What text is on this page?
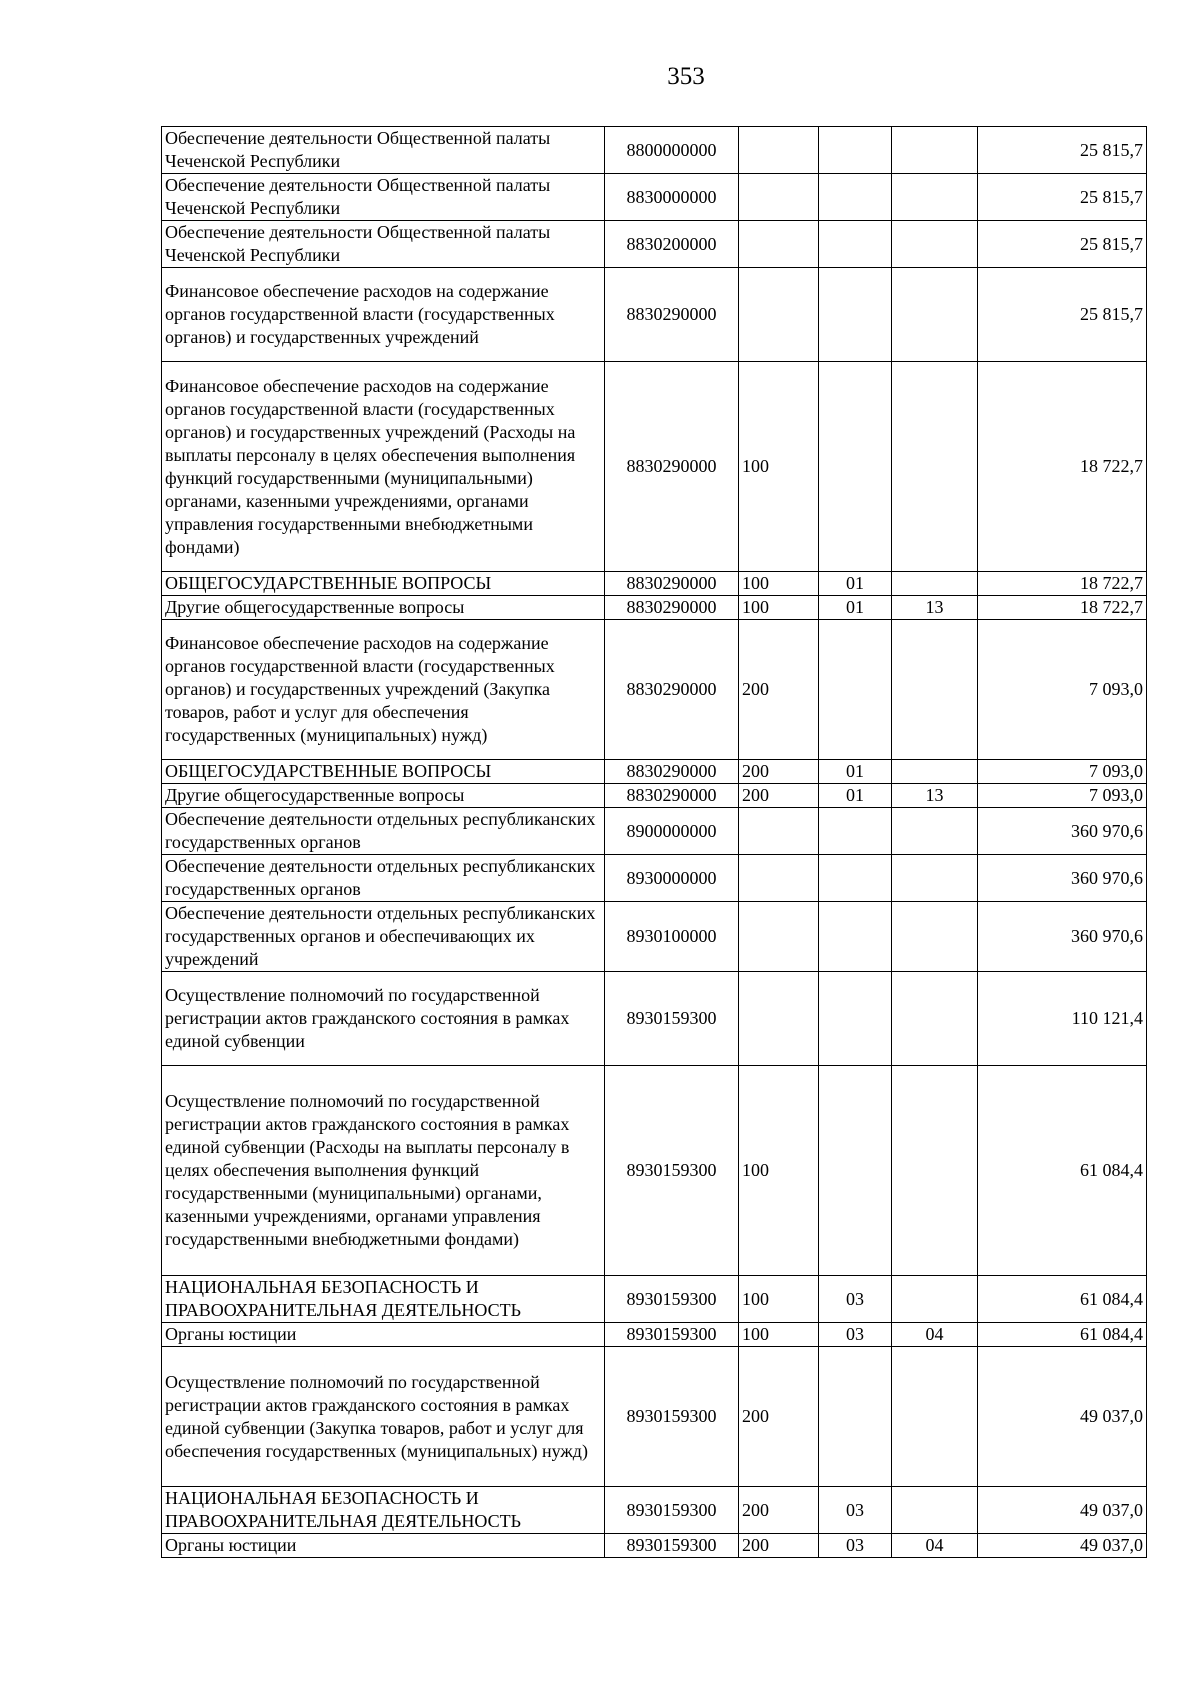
353
Обеспечение деятельности Общественной палаты Чеченской Республики	8800000000				25 815,7
Обеспечение деятельности Общественной палаты Чеченской Республики	8830000000				25 815,7
Обеспечение деятельности Общественной палаты Чеченской Республики	8830200000				25 815,7
Финансовое обеспечение расходов на содержание органов государственной власти (государственных органов) и государственных учреждений	8830290000				25 815,7
Финансовое обеспечение расходов на содержание органов государственной власти (государственных органов) и государственных учреждений (Расходы на выплаты персоналу в целях обеспечения выполнения функций государственными (муниципальными) органами, казенными учреждениями, органами управления государственными внебюджетными фондами)	8830290000	100			18 722,7
ОБЩЕГОСУДАРСТВЕННЫЕ ВОПРОСЫ	8830290000	100	01		18 722,7
Другие общегосударственные вопросы	8830290000	100	01	13	18 722,7
Финансовое обеспечение расходов на содержание органов государственной власти (государственных органов) и государственных учреждений (Закупка товаров, работ и услуг для обеспечения государственных (муниципальных) нужд)	8830290000	200			7 093,0
ОБЩЕГОСУДАРСТВЕННЫЕ ВОПРОСЫ	8830290000	200	01		7 093,0
Другие общегосударственные вопросы	8830290000	200	01	13	7 093,0
Обеспечение деятельности отдельных республиканских государственных органов	8900000000				360 970,6
Обеспечение деятельности отдельных республиканских государственных органов	8930000000				360 970,6
Обеспечение деятельности отдельных республиканских государственных органов и обеспечивающих их учреждений	8930100000				360 970,6
Осуществление полномочий по государственной регистрации актов гражданского состояния в рамках единой субвенции	8930159300				110 121,4
Осуществление полномочий по государственной регистрации актов гражданского состояния в рамках единой субвенции (Расходы на выплаты персоналу в целях обеспечения выполнения функций государственными (муниципальными) органами, казенными учреждениями, органами управления государственными внебюджетными фондами)	8930159300	100			61 084,4
НАЦИОНАЛЬНАЯ БЕЗОПАСНОСТЬ И ПРАВООХРАНИТЕЛЬНАЯ ДЕЯТЕЛЬНОСТЬ	8930159300	100	03		61 084,4
Органы юстиции	8930159300	100	03	04	61 084,4
Осуществление полномочий по государственной регистрации актов гражданского состояния в рамках единой субвенции (Закупка товаров, работ и услуг для обеспечения государственных (муниципальных) нужд)	8930159300	200			49 037,0
НАЦИОНАЛЬНАЯ БЕЗОПАСНОСТЬ И ПРАВООХРАНИТЕЛЬНАЯ ДЕЯТЕЛЬНОСТЬ	8930159300	200	03		49 037,0
Органы юстиции	8930159300	200	03	04	49 037,0
